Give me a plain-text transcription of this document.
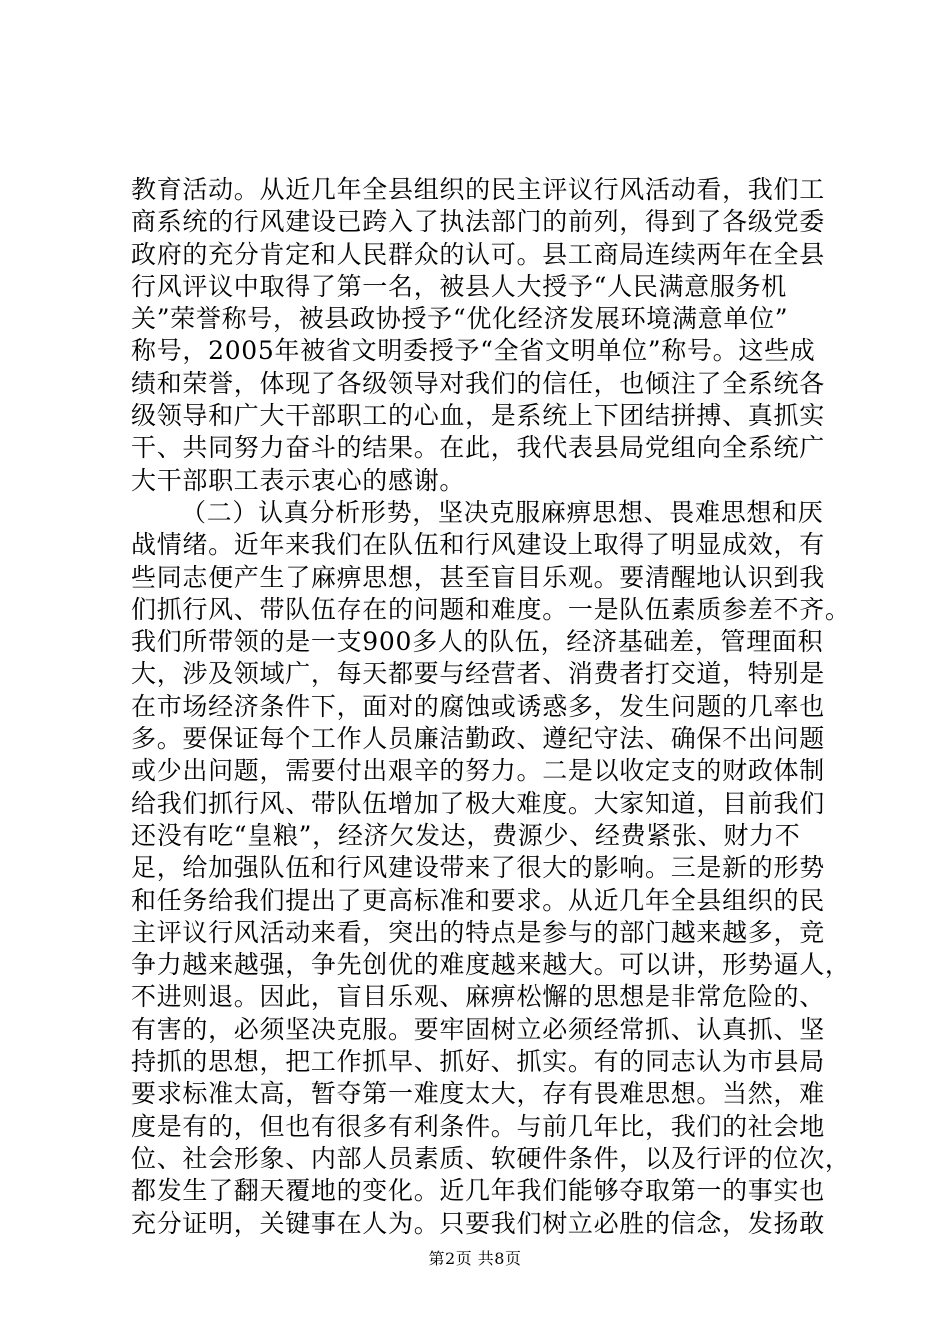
教育活动。从近几年全县组织的民主评议行风活动看，我们工
商系统的行风建设已跨入了执法部门的前列，得到了各级党委
政府的充分肯定和人民群众的认可。县工商局连续两年在全县
行风评议中取得了第一名，被县人大授予“人民满意服务机
关”荣誉称号，被县政协授予“优化经济发展环境满意单位”
称号，2005年被省文明委授予“全省文明单位”称号。这些成
绩和荣誉，体现了各级领导对我们的信任，也倾注了全系统各
级领导和广大干部职工的心血，是系统上下团结拼搏、真抓实
干、共同努力奋斗的结果。在此，我代表县局党组向全系统广
大干部职工表示衷心的感谢。
（二）认真分析形势，坚决克服麻痹思想、畏难思想和厌
战情绪。近年来我们在队伍和行风建设上取得了明显成效，有
些同志便产生了麻痹思想，甚至盲目乐观。要清醒地认识到我
们抓行风、带队伍存在的问题和难度。一是队伍素质参差不齐。
我们所带领的是一支900多人的队伍，经济基础差，管理面积
大，涉及领域广，每天都要与经营者、消费者打交道，特别是
在市场经济条件下，面对的腐蚀或诱惑多，发生问题的几率也
多。要保证每个工作人员廉洁勤政、遵纪守法、确保不出问题
或少出问题，需要付出艰辛的努力。二是以收定支的财政体制
给我们抓行风、带队伍增加了极大难度。大家知道，目前我们
还没有吃“皇粮”，经济欠发达，费源少、经费紧张、财力不
足，给加强队伍和行风建设带来了很大的影响。三是新的形势
和任务给我们提出了更高标准和要求。从近几年全县组织的民
主评议行风活动来看，突出的特点是参与的部门越来越多，竞
争力越来越强，争先创优的难度越来越大。可以讲，形势逼人，
不进则退。因此，盲目乐观、麻痹松懈的思想是非常危险的、
有害的，必须坚决克服。要牢固树立必须经常抓、认真抓、坚
持抓的思想，把工作抓早、抓好、抓实。有的同志认为市县局
要求标准太高，暂夺第一难度太大，存有畏难思想。当然，难
度是有的，但也有很多有利条件。与前几年比，我们的社会地
位、社会形象、内部人员素质、软硬件条件，以及行评的位次，
都发生了翻天覆地的变化。近几年我们能够夺取第一的事实也
充分证明，关键事在人为。只要我们树立必胜的信念，发扬敢
第2页 共8页
